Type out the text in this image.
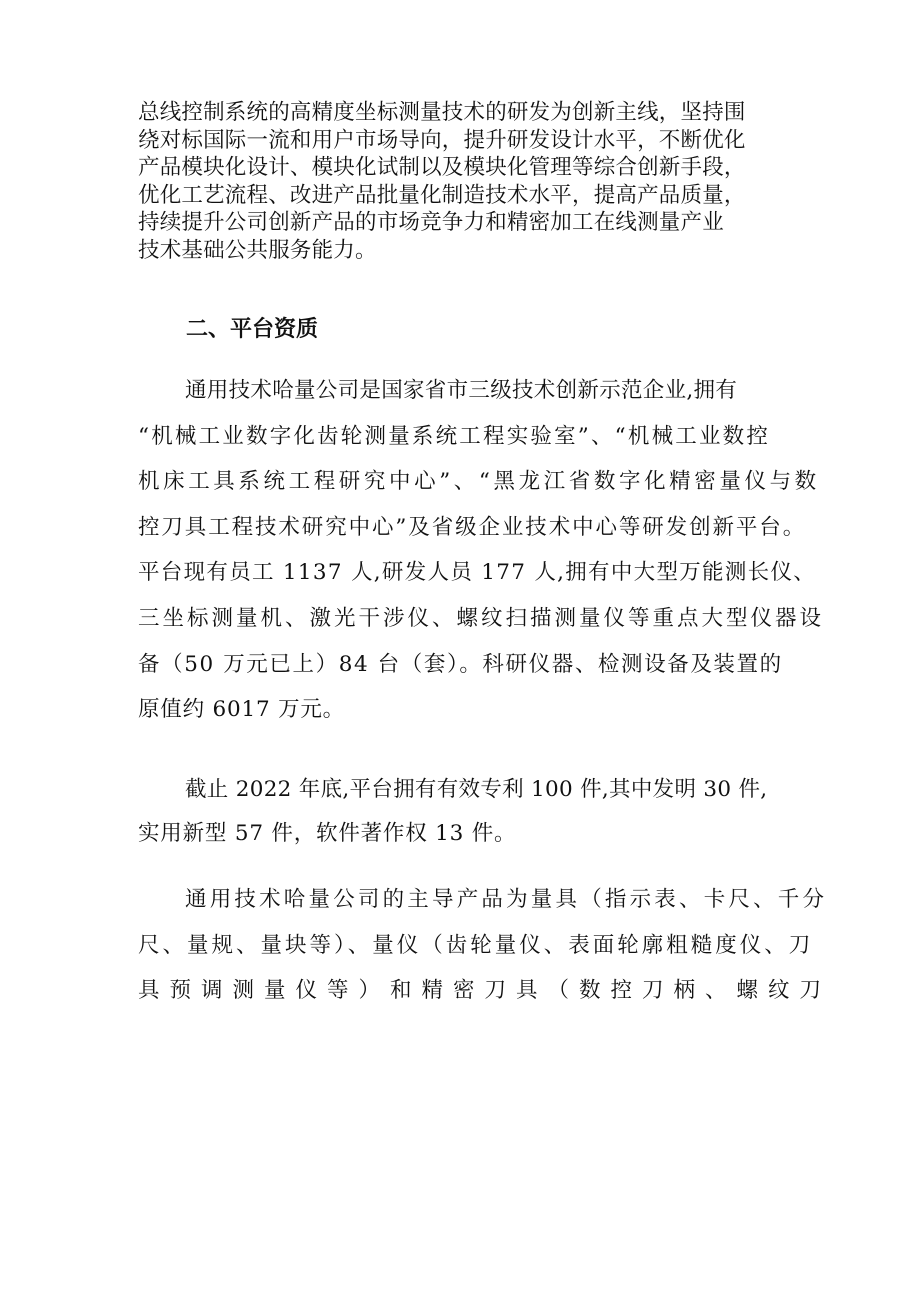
总线控制系统的高精度坐标测量技术的研发为创新主线，坚持围
绕对标国际一流和用户市场导向，提升研发设计水平，不断优化
产品模块化设计、模块化试制以及模块化管理等综合创新手段，
优化工艺流程、改进产品批量化制造技术水平，提高产品质量，
持续提升公司创新产品的市场竞争力和精密加工在线测量产业
技术基础公共服务能力。
二、平台资质
通用技术哈量公司是国家省市三级技术创新示范企业,拥有
“机械工业数字化齿轮测量系统工程实验室”、“机械工业数控
机床工具系统工程研究中心”、“黑龙江省数字化精密量仪与数
控刀具工程技术研究中心”及省级企业技术中心等研发创新平台。
平台现有员工 1137 人,研发人员 177 人,拥有中大型万能测长仪、
三坐标测量机、激光干涉仪、螺纹扫描测量仪等重点大型仪器设
备（50 万元已上）84 台（套）。科研仪器、检测设备及装置的
原值约 6017 万元。
截止 2022 年底,平台拥有有效专利 100 件,其中发明 30 件,
实用新型 57 件，软件著作权 13 件。
通用技术哈量公司的主导产品为量具（指示表、卡尺、千分
尺、量规、量块等）、量仪（齿轮量仪、表面轮廓粗糙度仪、刀
具预调测量仪等）和精密刀具（数控刀柄、螺纹刀
